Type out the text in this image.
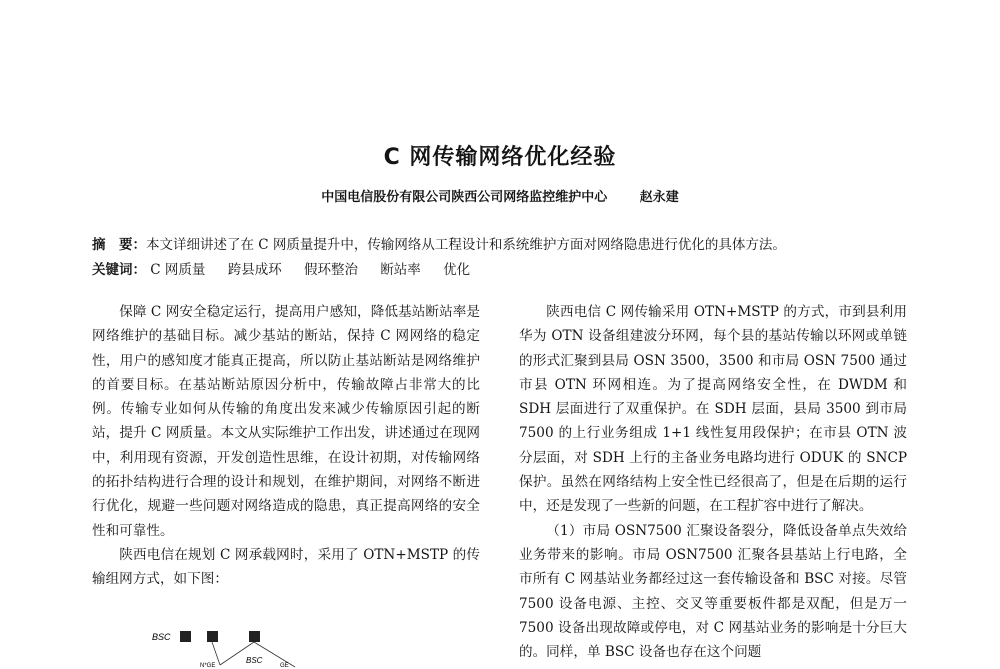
C 网传输网络优化经验
中国电信股份有限公司陕西公司网络监控维护中心	赵永建
摘　要：本文详细讲述了在 C 网质量提升中，传输网络从工程设计和系统维护方面对网络隐患进行优化的具体方法。
关键词： C 网质量 跨县成环 假环整治 断站率 优化

保障 C 网安全稳定运行，提高用户感知，降低基站断站率是网络维护的基础目标。减少基站的断站，保持 C 网网络的稳定性，用户的感知度才能真正提高，所以防止基站断站是网络维护的首要目标。在基站断站原因分析中，传输故障占非常大的比例。传输专业如何从传输的角度出发来减少传输原因引起的断站，提升 C 网质量。本文从实际维护工作出发，讲述通过在现网中，利用现有资源，开发创造性思维，在设计初期，对传输网络的拓扑结构进行合理的设计和规划，在维护期间，对网络不断进行优化，规避一些问题对网络造成的隐患，真正提高网络的安全性和可靠性。

陕西电信在规划 C 网承载网时，采用了 OTN+MSTP 的传输组网方式，如下图：

陕西电信 C 网传输采用 OTN+MSTP 的方式，市到县利用华为 OTN 设备组建波分环网，每个县的基站传输以环网或单链的形式汇聚到县局 OSN 3500，3500 和市局 OSN 7500 通过市县 OTN 环网相连。为了提高网络安全性，在 DWDM 和 SDH 层面进行了双重保护。在 SDH 层面，县局 3500 到市局 7500 的上行业务组成 1+1 线性复用段保护；在市县 OTN 波分层面，对 SDH 上行的主备业务电路均进行 ODUK 的 SNCP 保护。虽然在网络结构上安全性已经很高了，但是在后期的运行中，还是发现了一些新的问题，在工程扩容中进行了解决。

（1）市局 OSN7500 汇聚设备裂分，降低设备单点失效给业务带来的影响。市局 OSN7500 汇聚各县基站上行电路，全市所有 C 网基站业务都经过这一套传输设备和 BSC 对接。尽管 7500 设备电源、主控、交叉等重要板件都是双配，但是万一 7500 设备出现故障或停电，对 C 网基站业务的影响是十分巨大的。同样，单 BSC 设备也存在这个问题

BSC
BSC
N*GE	GE
